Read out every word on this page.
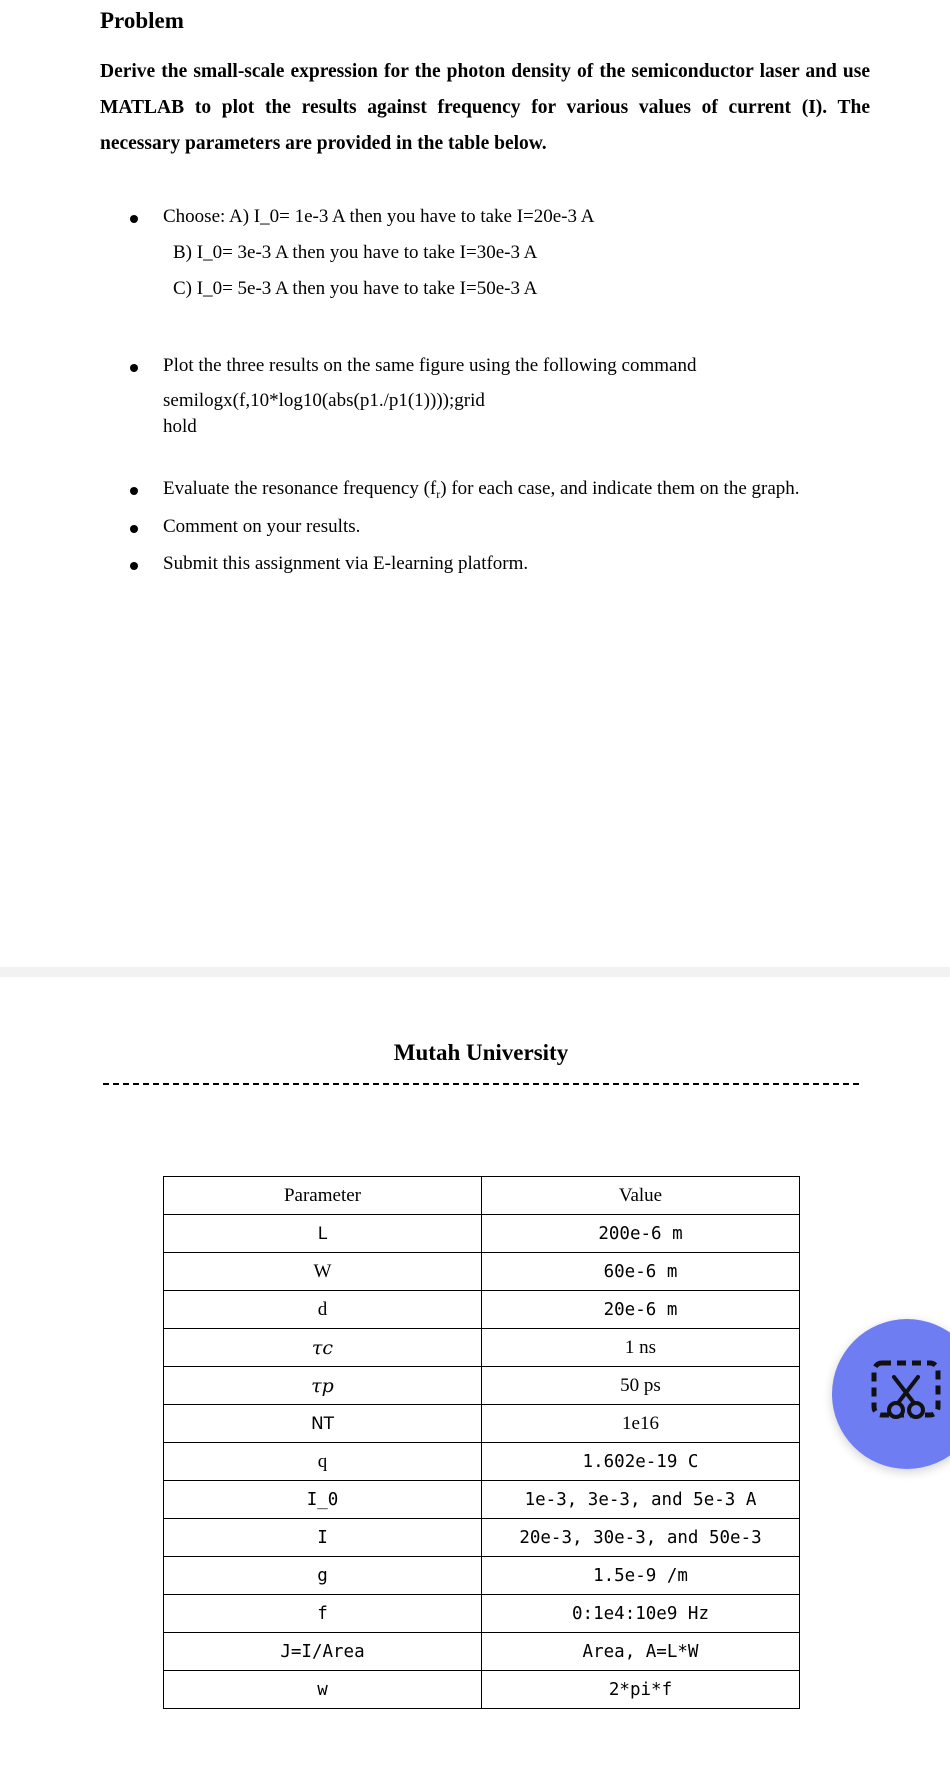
Problem
Derive the small-scale expression for the photon density of the semiconductor laser and use MATLAB to plot the results against frequency for various values of current (I). The necessary parameters are provided in the table below.
Choose: A) I_0= 1e-3 A then you have to take I=20e-3 A
B) I_0= 3e-3 A then you have to take I=30e-3 A
C) I_0= 5e-3 A then you have to take I=50e-3 A
Plot the three results on the same figure using the following command
semilogx(f,10*log10(abs(p1./p1(1))));grid
hold
Evaluate the resonance frequency $(f_r)$ for each case, and indicate them on the graph.
Comment on your results.
Submit this assignment via E-learning platform.
Mutah University
Parameter	Value
L	200e-6 m
W	60e-6 m
d	20e-6 m
τc	1 ns
τp	50 ps
NT	1e16
q	1.602e-19 C
I_0	1e-3, 3e-3, and 5e-3 A
I	20e-3, 30e-3, and 50e-3
g	1.5e-9 /m
f	0:1e4:10e9 Hz
J=I/Area	Area, A=L*W
w	2*pi*f
